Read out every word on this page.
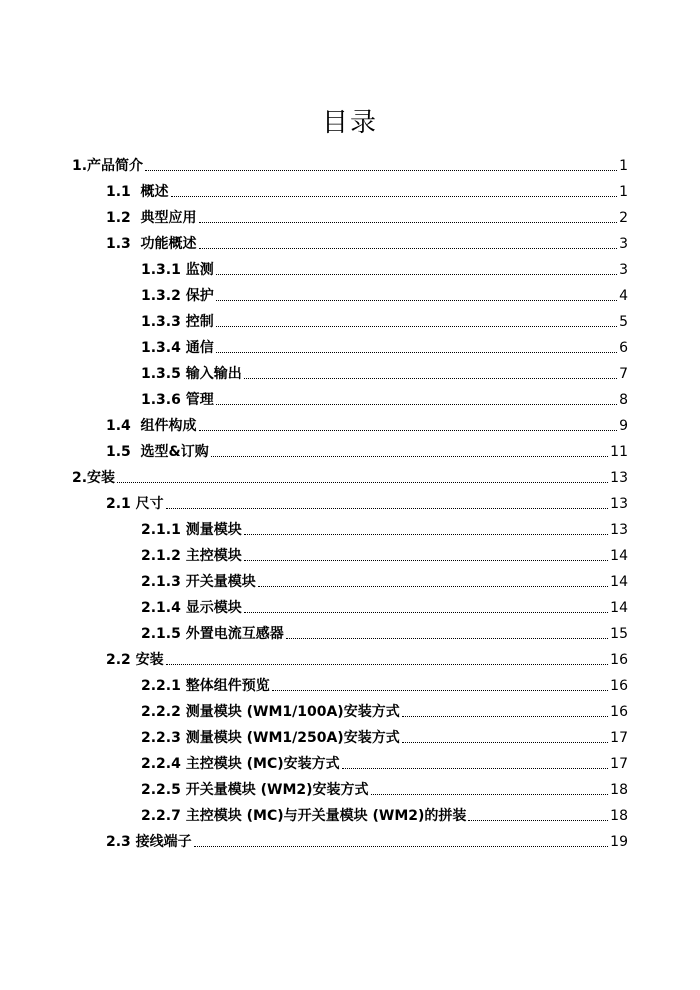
目录
1.产品简介	1
1.1  概述	1
1.2  典型应用	2
1.3  功能概述	3
1.3.1 监测	3
1.3.2 保护	4
1.3.3 控制	5
1.3.4 通信	6
1.3.5 输入输出	7
1.3.6 管理	8
1.4  组件构成	9
1.5  选型&订购	11
2.安装	13
2.1 尺寸	13
2.1.1 测量模块	13
2.1.2 主控模块	14
2.1.3 开关量模块	14
2.1.4 显示模块	14
2.1.5 外置电流互感器	15
2.2 安装	16
2.2.1 整体组件预览	16
2.2.2 测量模块 (WM1/100A)安装方式	16
2.2.3 测量模块 (WM1/250A)安装方式	17
2.2.4 主控模块 (MC)安装方式	17
2.2.5 开关量模块 (WM2)安装方式	18
2.2.7 主控模块 (MC)与开关量模块 (WM2)的拼装	18
2.3 接线端子	19
